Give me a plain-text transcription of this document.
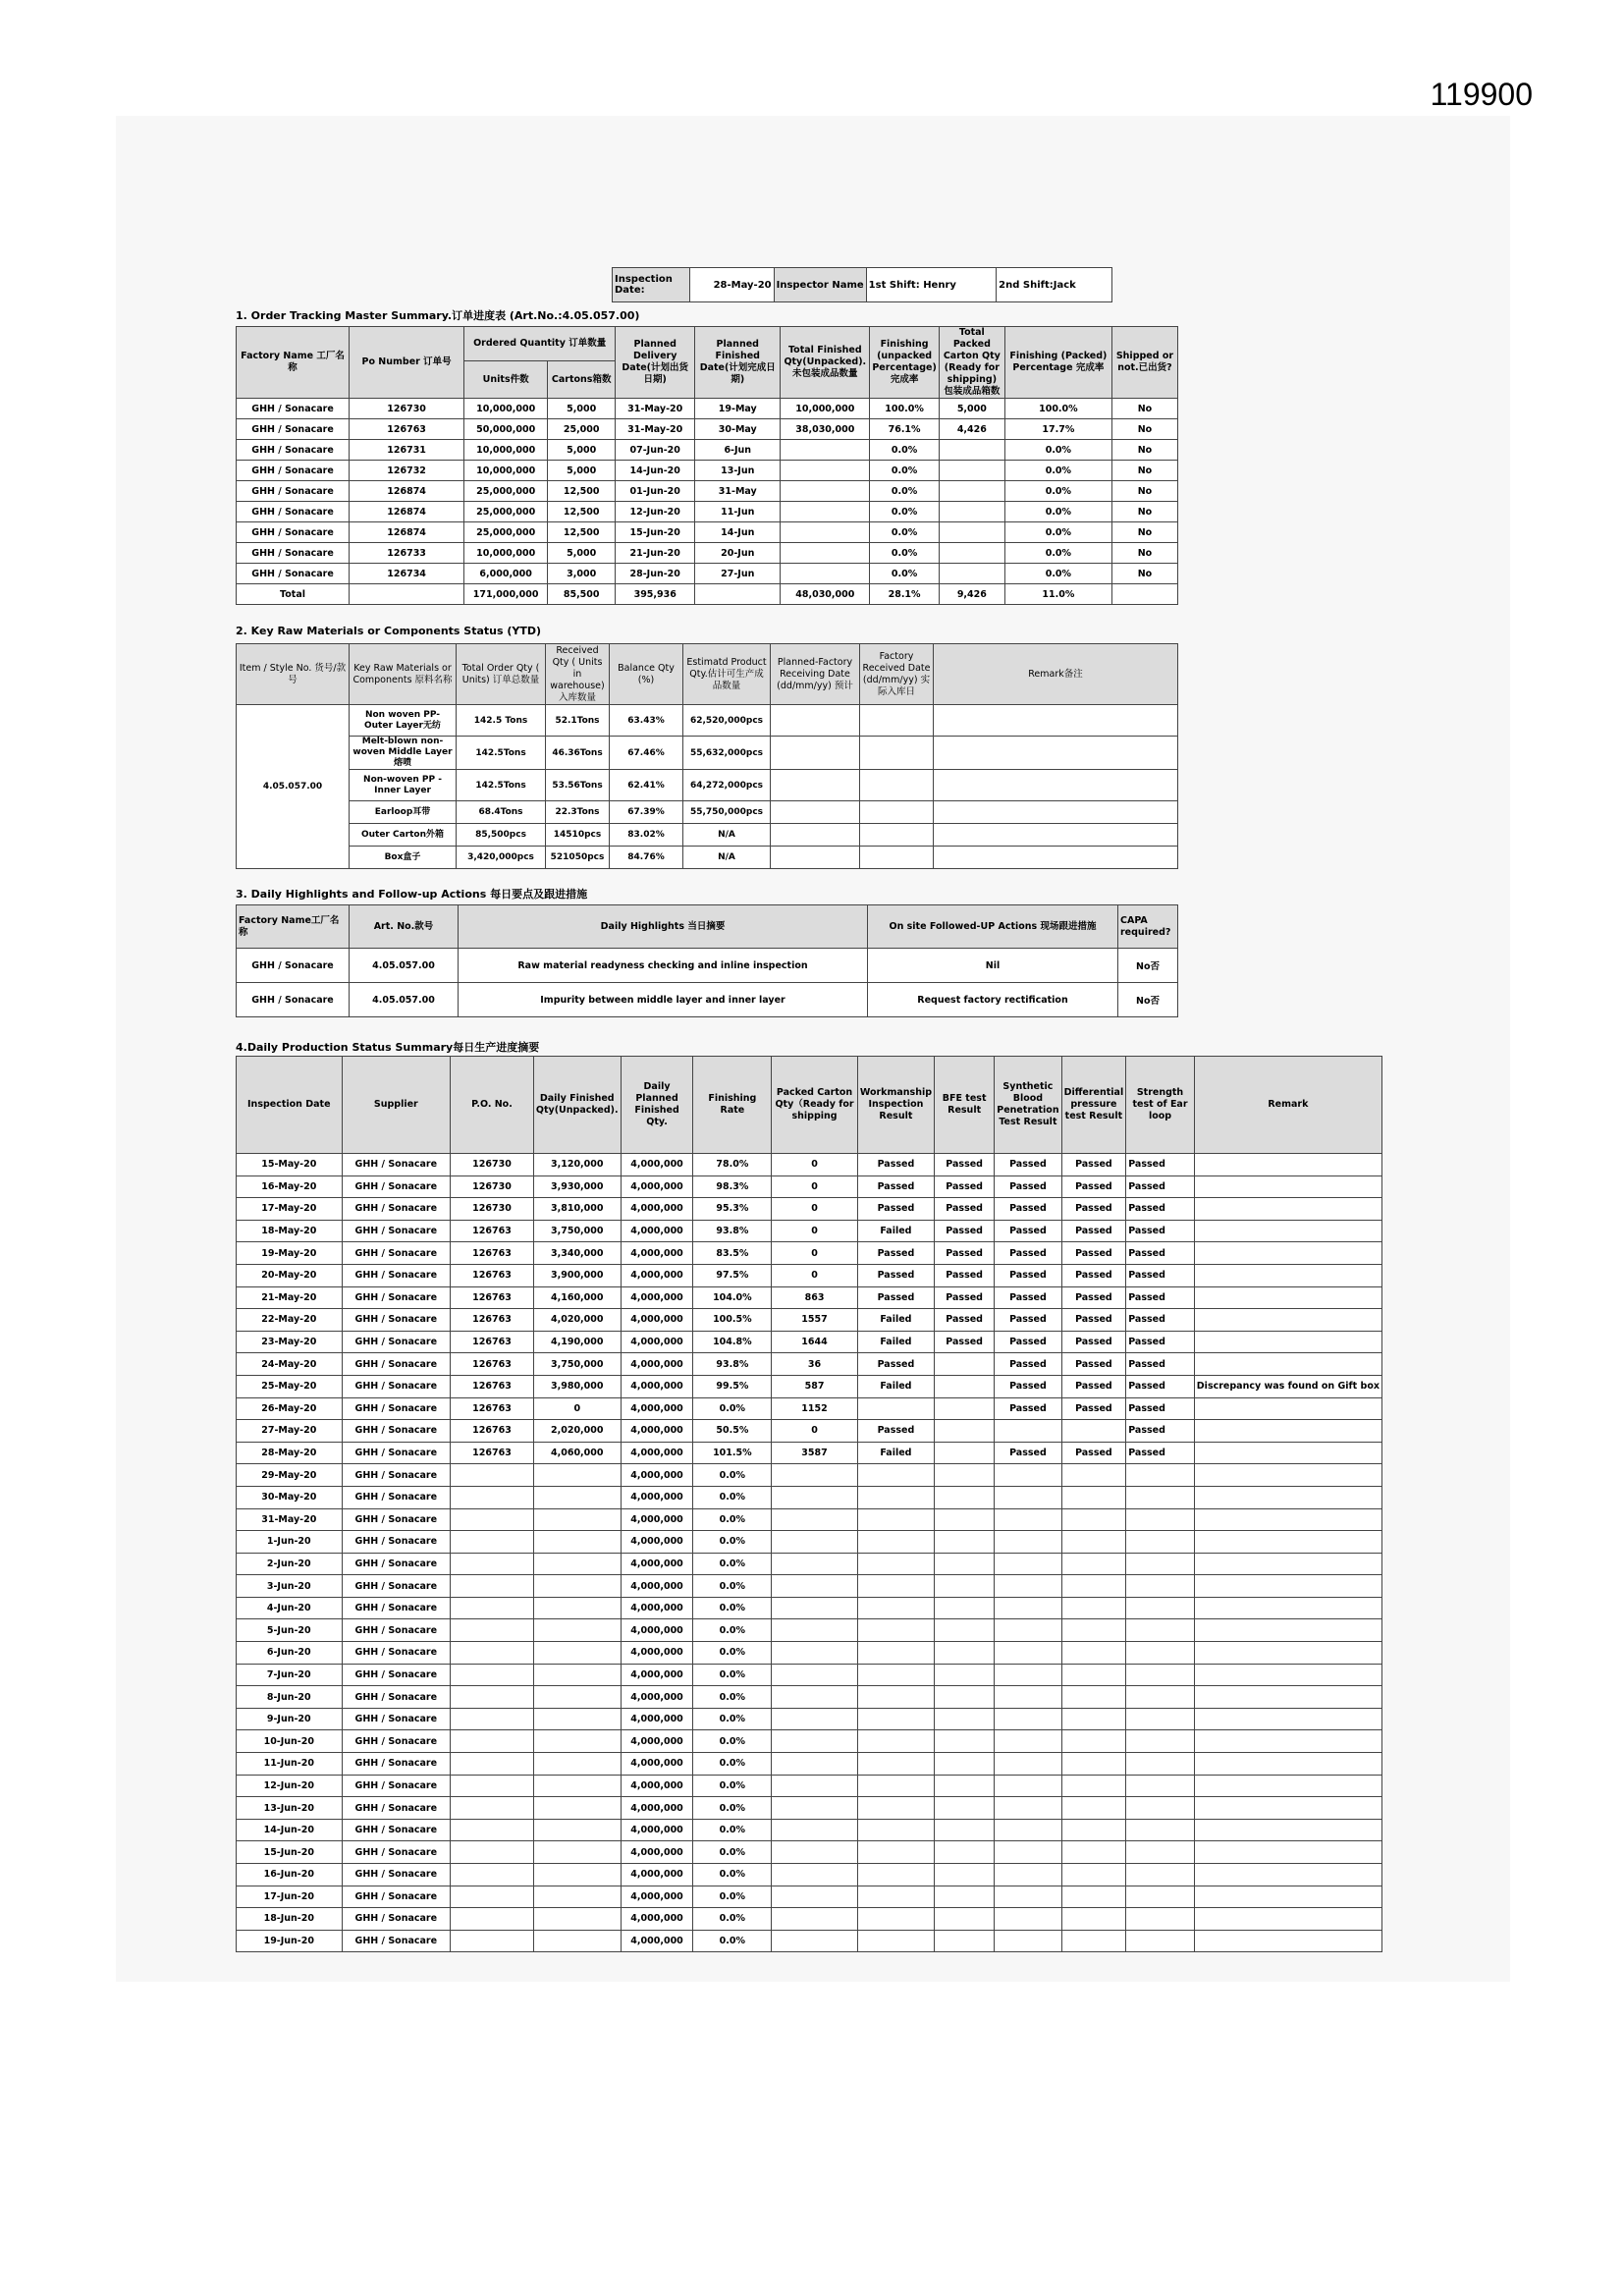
119900
Inspection Date:	28-May-20	Inspector Name	1st Shift: Henry	2nd Shift:Jack
1. Order Tracking Master Summary.订单进度表 (Art.No.:4.05.057.00)
Factory Name 工厂名称	Po Number 订单号	Ordered Quantity 订单数量		Planned Delivery Date(计划出货日期)	Planned Finished Date(计划完成日期)	Total Finished Qty(Unpacked).未包装成品数量	Finishing (unpacked Percentage) 完成率	Total Packed Carton Qty (Ready for shipping) 包装成品箱数	Finishing (Packed) Percentage 完成率	Shipped or not.已出货?
		Units件数	Cartons箱数							
GHH / Sonacare	126730	10,000,000	5,000	31-May-20	19-May	10,000,000	100.0%	5,000	100.0%	No
GHH / Sonacare	126763	50,000,000	25,000	31-May-20	30-May	38,030,000	76.1%	4,426	17.7%	No
GHH / Sonacare	126731	10,000,000	5,000	07-Jun-20	6-Jun		0.0%		0.0%	No
GHH / Sonacare	126732	10,000,000	5,000	14-Jun-20	13-Jun		0.0%		0.0%	No
GHH / Sonacare	126874	25,000,000	12,500	01-Jun-20	31-May		0.0%		0.0%	No
GHH / Sonacare	126874	25,000,000	12,500	12-Jun-20	11-Jun		0.0%		0.0%	No
GHH / Sonacare	126874	25,000,000	12,500	15-Jun-20	14-Jun		0.0%		0.0%	No
GHH / Sonacare	126733	10,000,000	5,000	21-Jun-20	20-Jun		0.0%		0.0%	No
GHH / Sonacare	126734	6,000,000	3,000	28-Jun-20	27-Jun		0.0%		0.0%	No
Total		171,000,000	85,500	395,936		48,030,000	28.1%	9,426	11.0%	
2. Key Raw Materials or Components Status (YTD)
Item / Style No. 货号/款号	Key Raw Materials or Components 原料名称	Total Order Qty ( Units) 订单总数量	Received Qty ( Units in warehouse) 入库数量	Balance Qty (%)	Estimatd Product Qty.估计可生产成品数量	Planned-Factory Receiving Date (dd/mm/yy) 预计	Factory Received Date (dd/mm/yy) 实际入库日	Remark备注
4.05.057.00	Non woven PP-Outer Layer无纺	142.5 Tons	52.1Tons	63.43%	62,520,000pcs			
	Melt-blown non-woven Middle Layer熔喷	142.5Tons	46.36Tons	67.46%	55,632,000pcs			
	Non-woven PP -Inner Layer	142.5Tons	53.56Tons	62.41%	64,272,000pcs			
	Earloop耳带	68.4Tons	22.3Tons	67.39%	55,750,000pcs			
	Outer Carton外箱	85,500pcs	14510pcs	83.02%	N/A			
	Box盒子	3,420,000pcs	521050pcs	84.76%	N/A			
3. Daily Highlights and Follow-up Actions 每日要点及跟进措施
Factory Name工厂名称	Art. No.款号	Daily Highlights 当日摘要	On site Followed-UP Actions 现场跟进措施	CAPA required?
GHH / Sonacare	4.05.057.00	Raw material readyness checking and inline inspection	Nil	No否
GHH / Sonacare	4.05.057.00	Impurity between middle layer and inner layer	Request factory rectification	No否
4.Daily Production Status Summary每日生产进度摘要
Inspection Date	Supplier	P.O. No.	Daily Finished Qty(Unpacked).	Daily Planned Finished Qty.	Finishing Rate	Packed Carton Qty（Ready for shipping	Workmanship Inspection Result	BFE test Result	Synthetic Blood Penetration Test Result	Differential pressure test Result	Strength test of Ear loop	Remark
15-May-20	GHH / Sonacare	126730	3,120,000	4,000,000	78.0%	0	Passed	Passed	Passed	Passed	Passed	
16-May-20	GHH / Sonacare	126730	3,930,000	4,000,000	98.3%	0	Passed	Passed	Passed	Passed	Passed	
17-May-20	GHH / Sonacare	126730	3,810,000	4,000,000	95.3%	0	Passed	Passed	Passed	Passed	Passed	
18-May-20	GHH / Sonacare	126763	3,750,000	4,000,000	93.8%	0	Failed	Passed	Passed	Passed	Passed	
19-May-20	GHH / Sonacare	126763	3,340,000	4,000,000	83.5%	0	Passed	Passed	Passed	Passed	Passed	
20-May-20	GHH / Sonacare	126763	3,900,000	4,000,000	97.5%	0	Passed	Passed	Passed	Passed	Passed	
21-May-20	GHH / Sonacare	126763	4,160,000	4,000,000	104.0%	863	Passed	Passed	Passed	Passed	Passed	
22-May-20	GHH / Sonacare	126763	4,020,000	4,000,000	100.5%	1557	Failed	Passed	Passed	Passed	Passed	
23-May-20	GHH / Sonacare	126763	4,190,000	4,000,000	104.8%	1644	Failed	Passed	Passed	Passed	Passed	
24-May-20	GHH / Sonacare	126763	3,750,000	4,000,000	93.8%	36	Passed		Passed	Passed	Passed	
25-May-20	GHH / Sonacare	126763	3,980,000	4,000,000	99.5%	587	Failed		Passed	Passed	Passed	Discrepancy was found on Gift box
26-May-20	GHH / Sonacare	126763	0	4,000,000	0.0%	1152			Passed	Passed	Passed	
27-May-20	GHH / Sonacare	126763	2,020,000	4,000,000	50.5%	0	Passed				Passed	
28-May-20	GHH / Sonacare	126763	4,060,000	4,000,000	101.5%	3587	Failed		Passed	Passed	Passed	
29-May-20	GHH / Sonacare			4,000,000	0.0%							
30-May-20	GHH / Sonacare			4,000,000	0.0%							
31-May-20	GHH / Sonacare			4,000,000	0.0%							
1-Jun-20	GHH / Sonacare			4,000,000	0.0%							
2-Jun-20	GHH / Sonacare			4,000,000	0.0%							
3-Jun-20	GHH / Sonacare			4,000,000	0.0%							
4-Jun-20	GHH / Sonacare			4,000,000	0.0%							
5-Jun-20	GHH / Sonacare			4,000,000	0.0%							
6-Jun-20	GHH / Sonacare			4,000,000	0.0%							
7-Jun-20	GHH / Sonacare			4,000,000	0.0%							
8-Jun-20	GHH / Sonacare			4,000,000	0.0%							
9-Jun-20	GHH / Sonacare			4,000,000	0.0%							
10-Jun-20	GHH / Sonacare			4,000,000	0.0%							
11-Jun-20	GHH / Sonacare			4,000,000	0.0%							
12-Jun-20	GHH / Sonacare			4,000,000	0.0%							
13-Jun-20	GHH / Sonacare			4,000,000	0.0%							
14-Jun-20	GHH / Sonacare			4,000,000	0.0%							
15-Jun-20	GHH / Sonacare			4,000,000	0.0%							
16-Jun-20	GHH / Sonacare			4,000,000	0.0%							
17-Jun-20	GHH / Sonacare			4,000,000	0.0%							
18-Jun-20	GHH / Sonacare			4,000,000	0.0%							
19-Jun-20	GHH / Sonacare			4,000,000	0.0%							
